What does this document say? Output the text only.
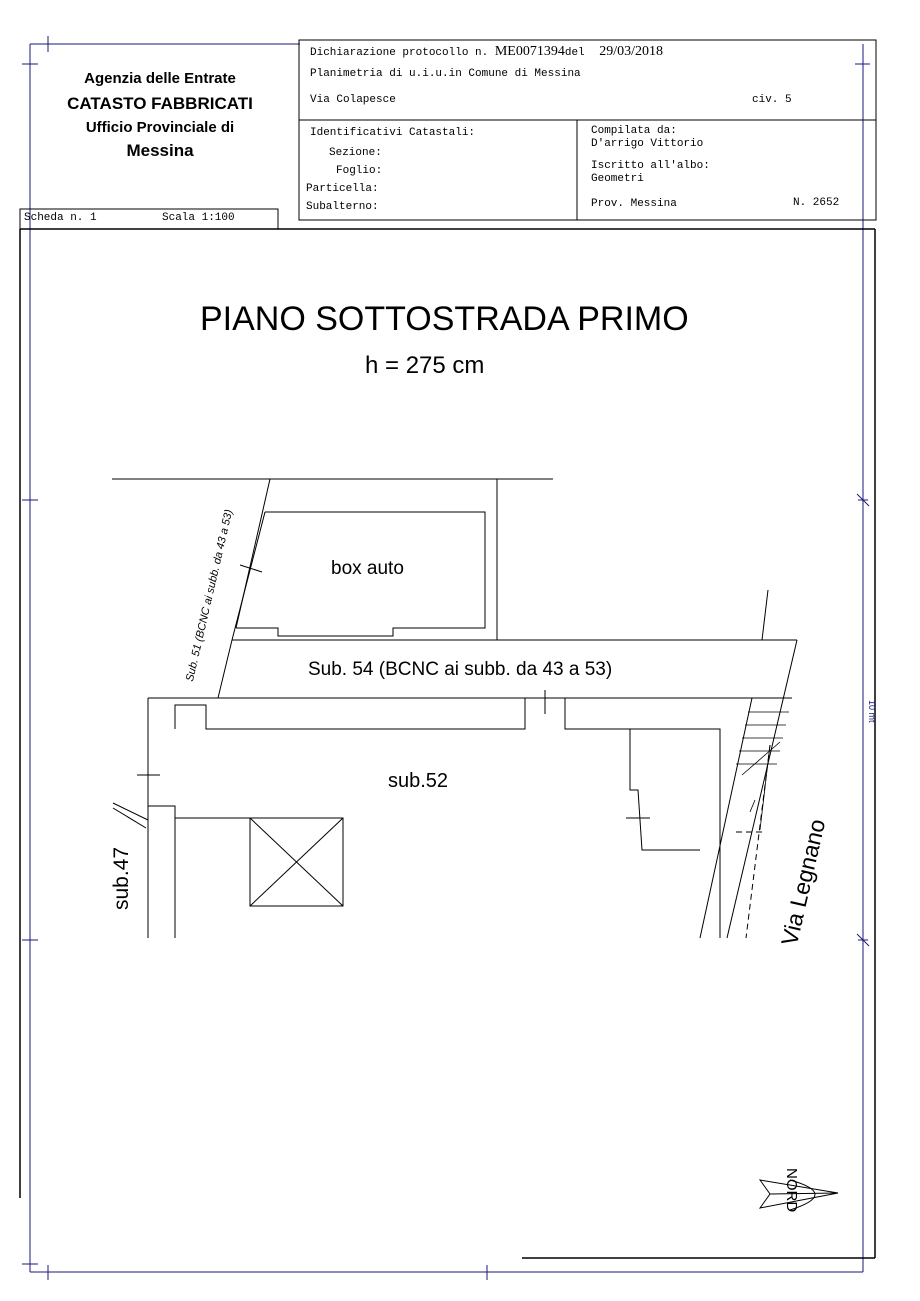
Agenzia delle Entrate
CATASTO FABBRICATI
Ufficio Provinciale di
Messina
Dichiarazione protocollo n. ME0071394del 29/03/2018
Planimetria di u.i.u.in Comune di Messina
Via Colapesce	civ. 5
Identificativi Catastali:
Sezione:
Foglio:
Particella:
Subalterno:
Compilata da:
D'arrigo Vittorio
Iscritto all'albo:
Geometri
Prov. Messina	N. 2652
Scheda n. 1	Scala 1:100
PIANO SOTTOSTRADA PRIMO
h = 275 cm
box auto
Sub. 54 (BCNC ai subb. da 43 a 53)
sub.52
Sub. 51 (BCNC ai subb. da 43 a 53)
sub.47	Via Legnano
NORD
10 mt
